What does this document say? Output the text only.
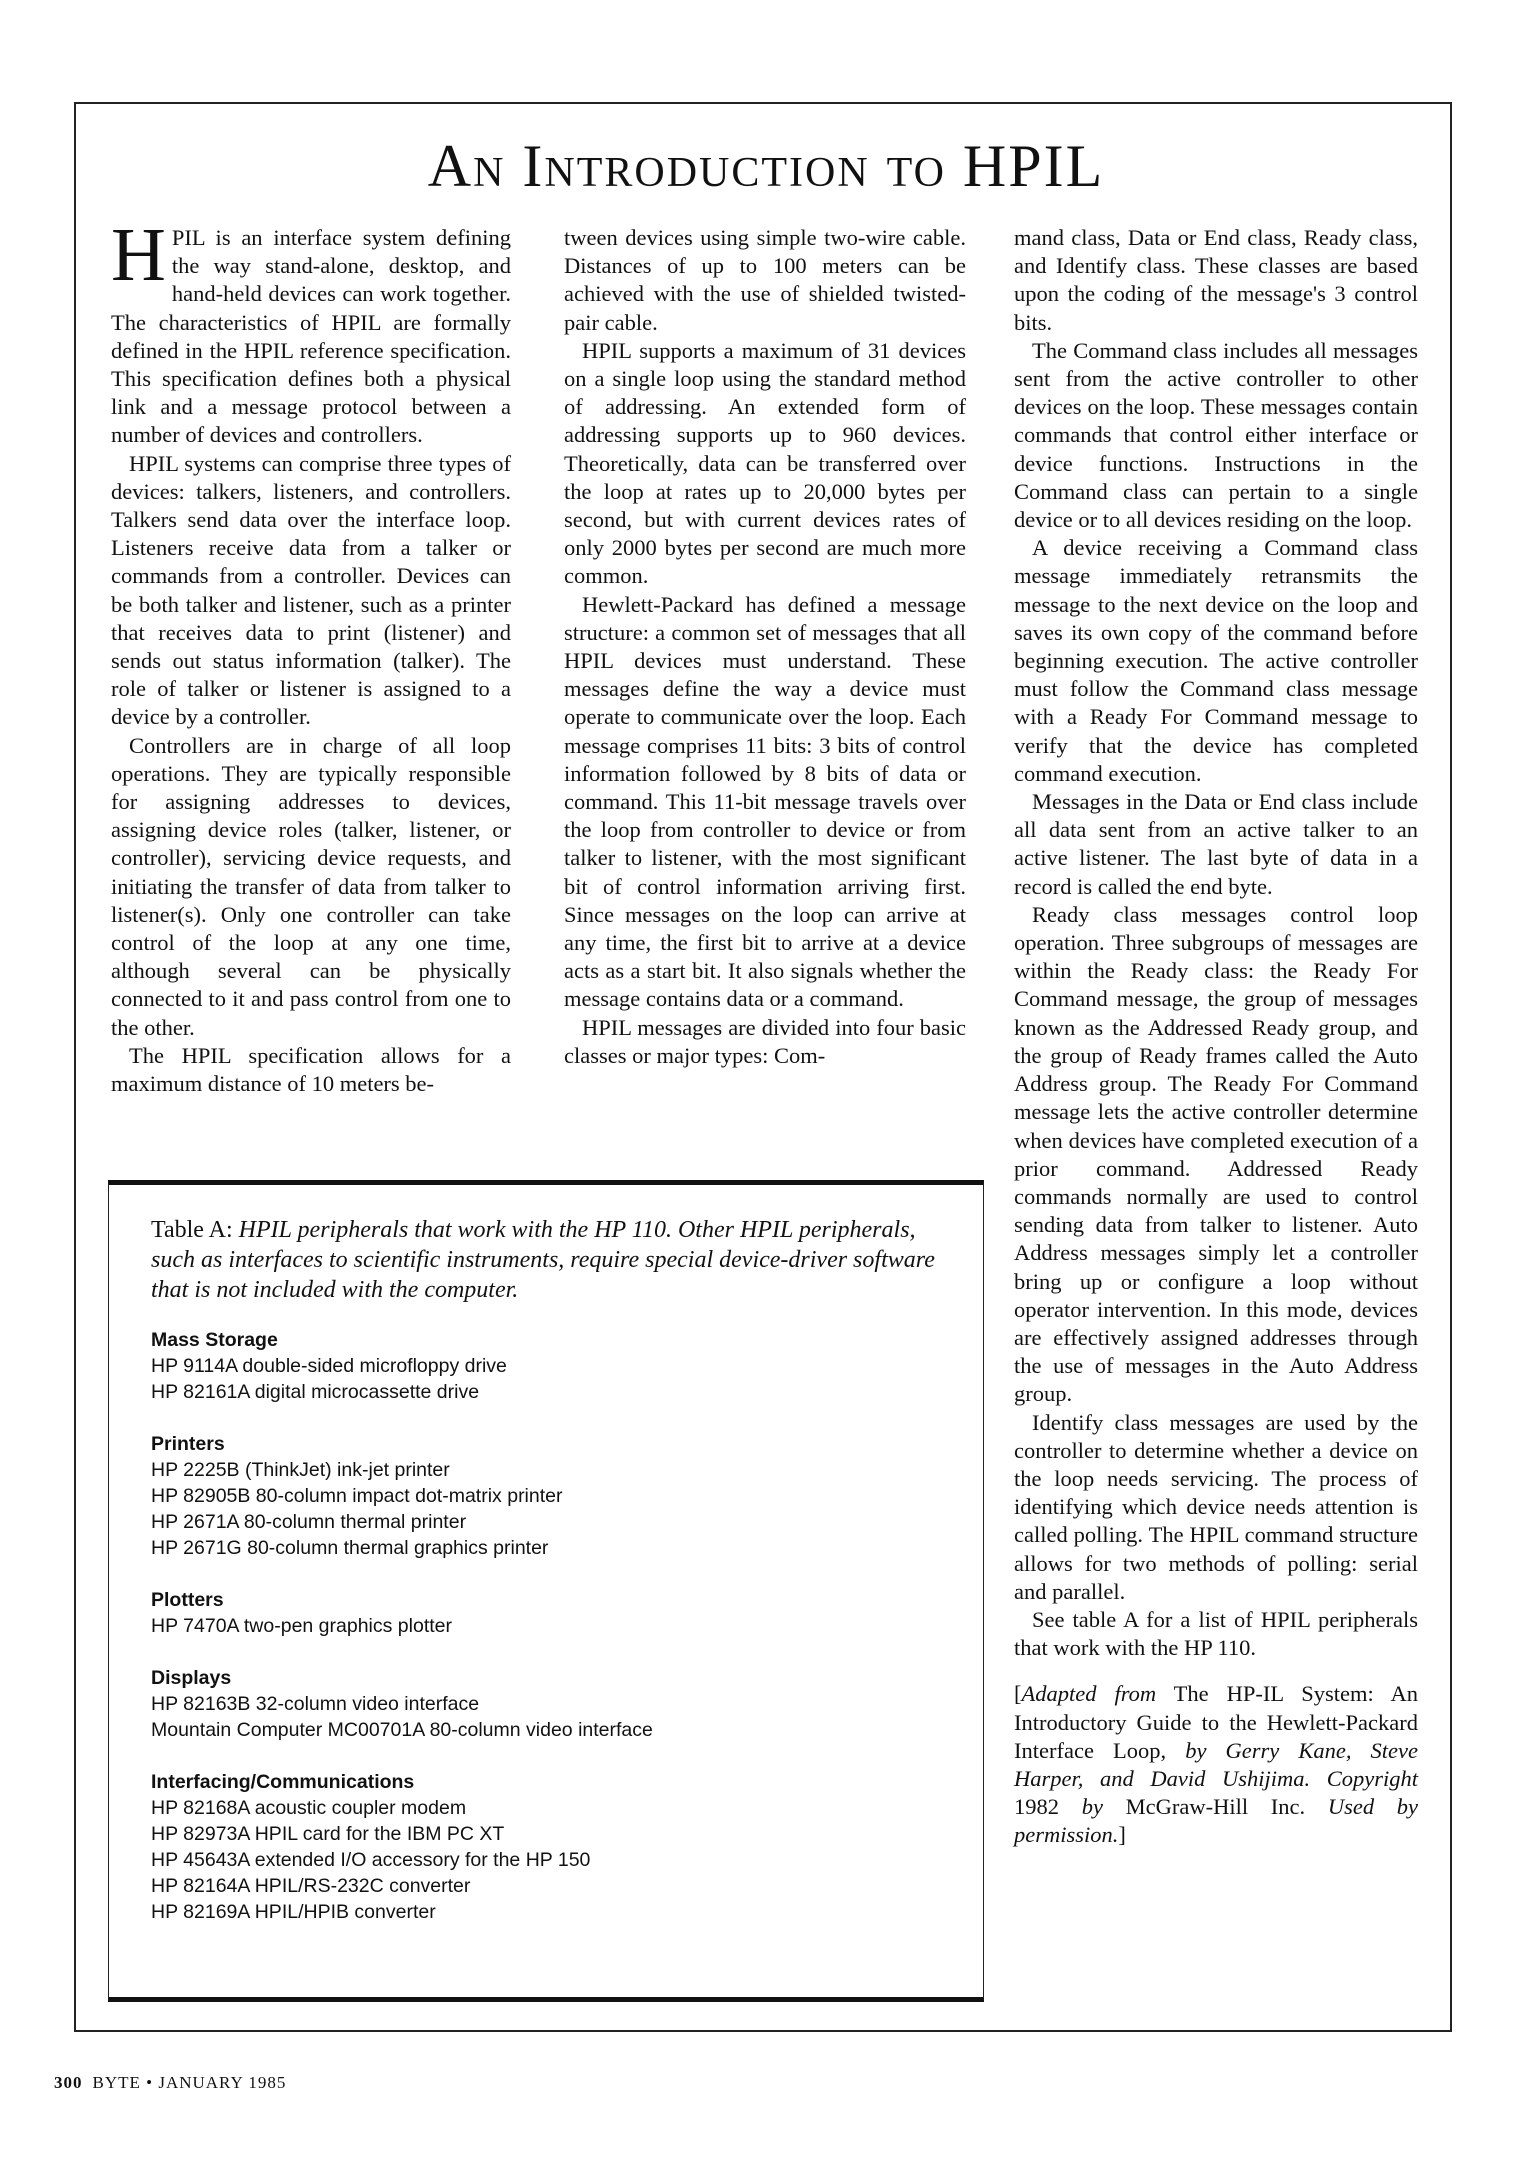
An Introduction to HPIL

HPIL is an interface system defining the way stand-alone, desktop, and hand-held devices can work together. The characteristics of HPIL are formally defined in the HPIL reference specification. This specification defines both a physical link and a message protocol between a number of devices and controllers.

HPIL systems can comprise three types of devices: talkers, listeners, and controllers. Talkers send data over the interface loop. Listeners receive data from a talker or commands from a controller. Devices can be both talker and listener, such as a printer that receives data to print (listener) and sends out status information (talker). The role of talker or listener is assigned to a device by a controller.

Controllers are in charge of all loop operations. They are typically responsible for assigning addresses to devices, assigning device roles (talker, listener, or controller), servicing device requests, and initiating the transfer of data from talker to listener(s). Only one controller can take control of the loop at any one time, although several can be physically connected to it and pass control from one to the other.

The HPIL specification allows for a maximum distance of 10 meters be-

tween devices using simple two-wire cable. Distances of up to 100 meters can be achieved with the use of shielded twisted-pair cable.

HPIL supports a maximum of 31 devices on a single loop using the standard method of addressing. An extended form of addressing supports up to 960 devices. Theoretically, data can be transferred over the loop at rates up to 20,000 bytes per second, but with current devices rates of only 2000 bytes per second are much more common.

Hewlett-Packard has defined a message structure: a common set of messages that all HPIL devices must understand. These messages define the way a device must operate to communicate over the loop. Each message comprises 11 bits: 3 bits of control information followed by 8 bits of data or command. This 11-bit message travels over the loop from controller to device or from talker to listener, with the most significant bit of control information arriving first. Since messages on the loop can arrive at any time, the first bit to arrive at a device acts as a start bit. It also signals whether the message contains data or a command.

HPIL messages are divided into four basic classes or major types: Com-

mand class, Data or End class, Ready class, and Identify class. These classes are based upon the coding of the message's 3 control bits.

The Command class includes all messages sent from the active controller to other devices on the loop. These messages contain commands that control either interface or device functions. Instructions in the Command class can pertain to a single device or to all devices residing on the loop.

A device receiving a Command class message immediately retransmits the message to the next device on the loop and saves its own copy of the command before beginning execution. The active controller must follow the Command class message with a Ready For Command message to verify that the device has completed command execution.

Messages in the Data or End class include all data sent from an active talker to an active listener. The last byte of data in a record is called the end byte.

Ready class messages control loop operation. Three subgroups of messages are within the Ready class: the Ready For Command message, the group of messages known as the Addressed Ready group, and the group of Ready frames called the Auto Address group. The Ready For Command message lets the active controller determine when devices have completed execution of a prior command. Addressed Ready commands normally are used to control sending data from talker to listener. Auto Address messages simply let a controller bring up or configure a loop without operator intervention. In this mode, devices are effectively assigned addresses through the use of messages in the Auto Address group.

Identify class messages are used by the controller to determine whether a device on the loop needs servicing. The process of identifying which device needs attention is called polling. The HPIL command structure allows for two methods of polling: serial and parallel.

See table A for a list of HPIL peripherals that work with the HP 110.

[Adapted from The HP-IL System: An Introductory Guide to the Hewlett-Packard Interface Loop, by Gerry Kane, Steve Harper, and David Ushijima. Copyright 1982 by McGraw-Hill Inc. Used by permission.]

Table A: HPIL peripherals that work with the HP 110. Other HPIL peripherals, such as interfaces to scientific instruments, require special device-driver software that is not included with the computer.

Mass Storage
HP 9114A double-sided microfloppy drive
HP 82161A digital microcassette drive
Printers
HP 2225B (ThinkJet) ink-jet printer
HP 82905B 80-column impact dot-matrix printer
HP 2671A 80-column thermal printer
HP 2671G 80-column thermal graphics printer
Plotters
HP 7470A two-pen graphics plotter
Displays
HP 82163B 32-column video interface
Mountain Computer MC00701A 80-column video interface
Interfacing/Communications
HP 82168A acoustic coupler modem
HP 82973A HPIL card for the IBM PC XT
HP 45643A extended I/O accessory for the HP 150
HP 82164A HPIL/RS-232C converter
HP 82169A HPIL/HPIB converter

300 BYTE • JANUARY 1985
